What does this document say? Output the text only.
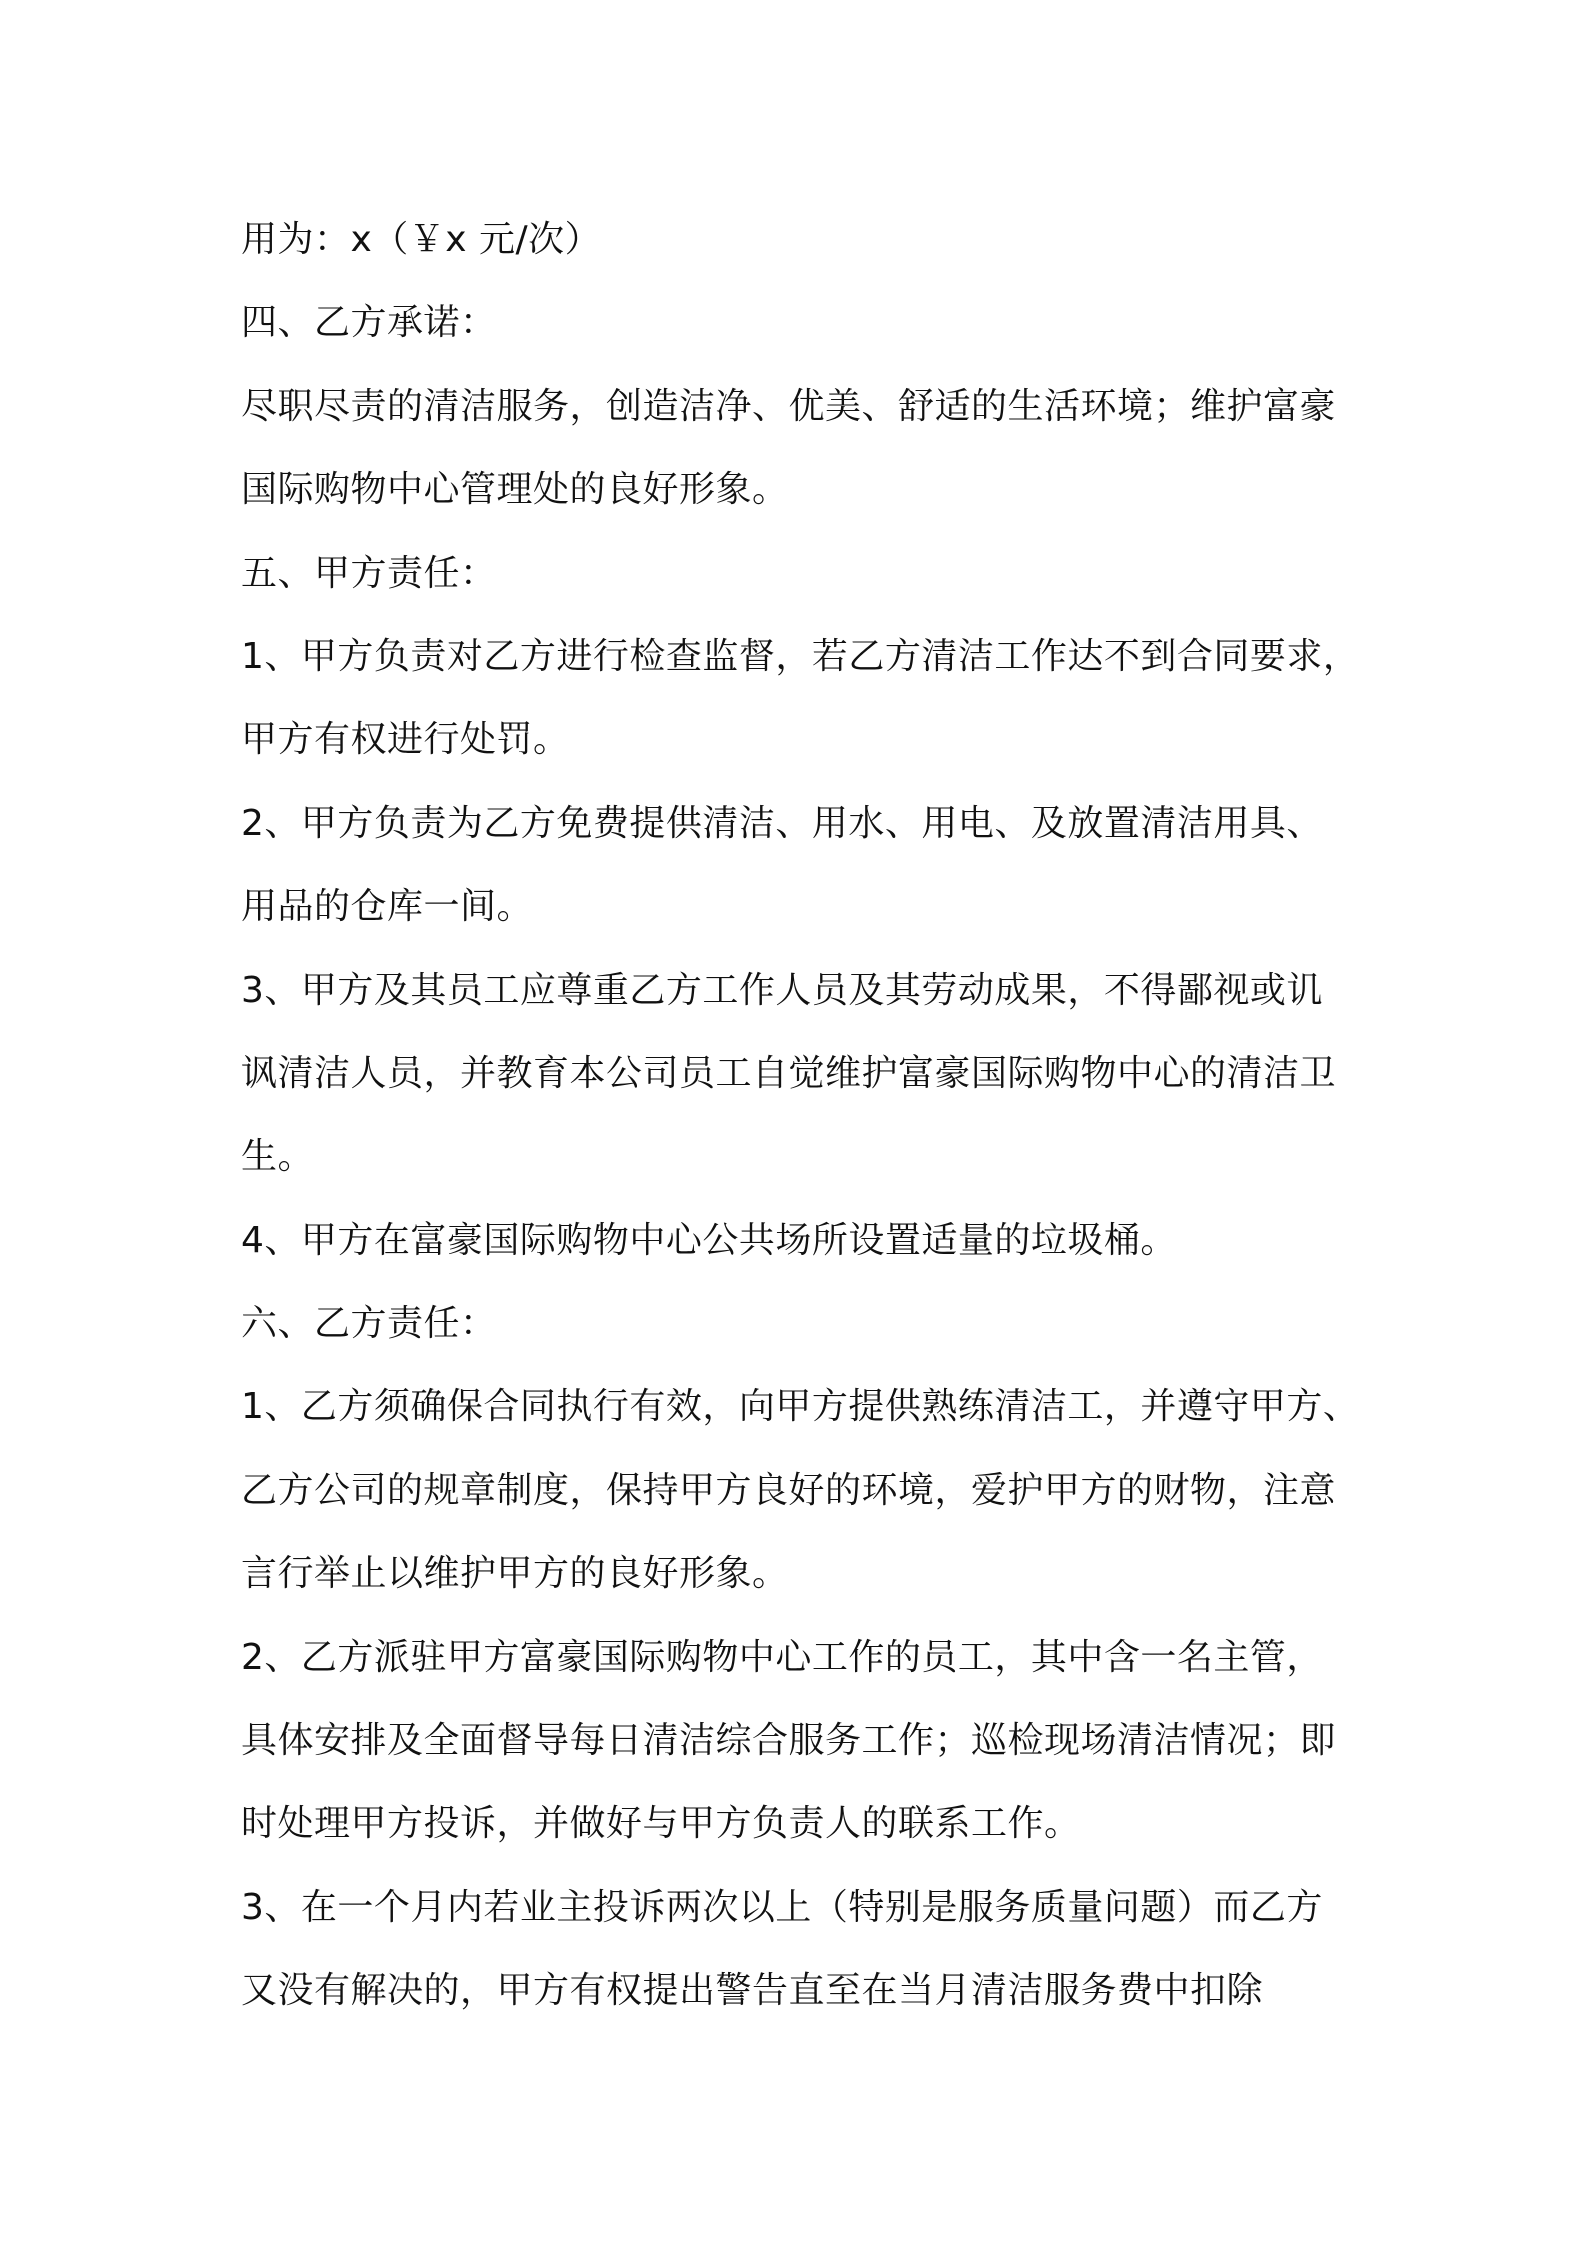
用为：x（￥x 元/次）
四、乙方承诺：
尽职尽责的清洁服务，创造洁净、优美、舒适的生活环境；维护富豪
国际购物中心管理处的良好形象。
五、甲方责任：
1、甲方负责对乙方进行检查监督，若乙方清洁工作达不到合同要求，
甲方有权进行处罚。
2、甲方负责为乙方免费提供清洁、用水、用电、及放置清洁用具、
用品的仓库一间。
3、甲方及其员工应尊重乙方工作人员及其劳动成果，不得鄙视或讥
讽清洁人员，并教育本公司员工自觉维护富豪国际购物中心的清洁卫
生。
4、甲方在富豪国际购物中心公共场所设置适量的垃圾桶。
六、乙方责任：
1、乙方须确保合同执行有效，向甲方提供熟练清洁工，并遵守甲方、
乙方公司的规章制度，保持甲方良好的环境，爱护甲方的财物，注意
言行举止以维护甲方的良好形象。
2、乙方派驻甲方富豪国际购物中心工作的员工，其中含一名主管，
具体安排及全面督导每日清洁综合服务工作；巡检现场清洁情况；即
时处理甲方投诉，并做好与甲方负责人的联系工作。
3、在一个月内若业主投诉两次以上（特别是服务质量问题）而乙方
又没有解决的，甲方有权提出警告直至在当月清洁服务费中扣除
